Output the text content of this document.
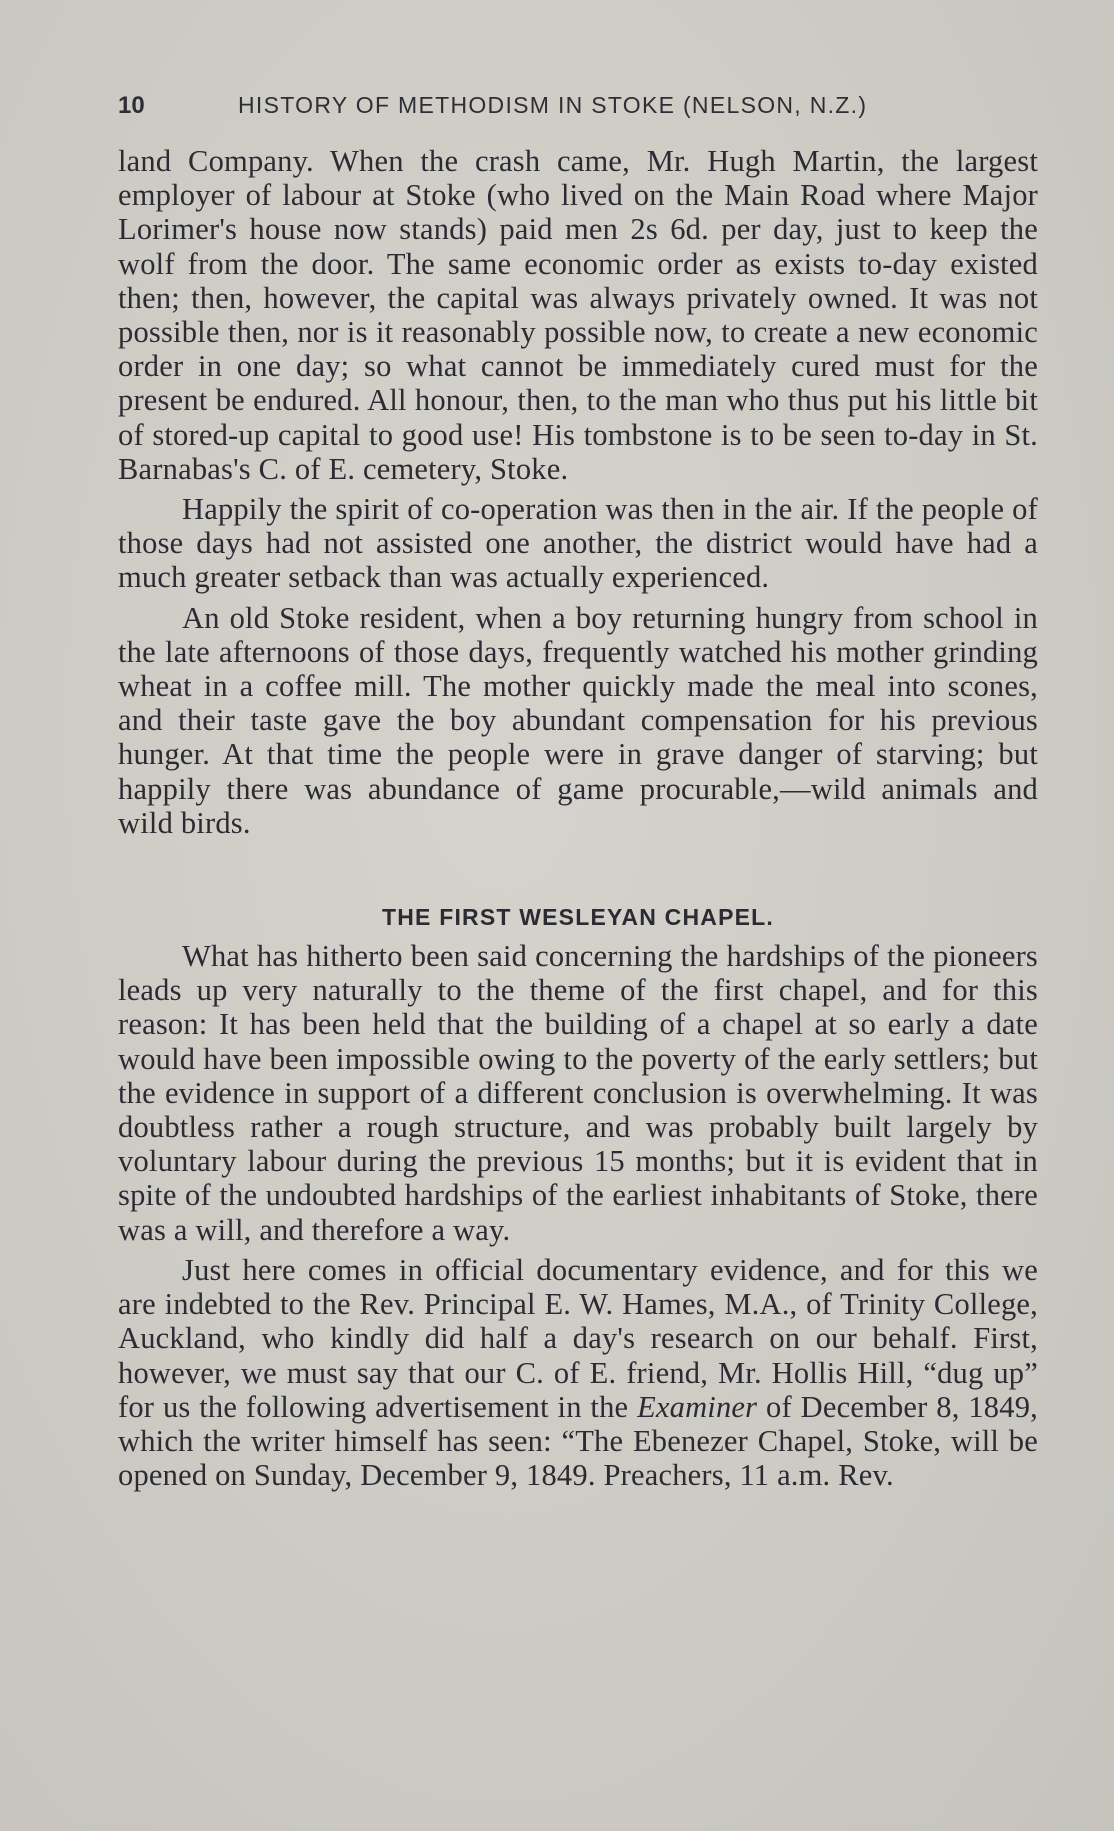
10	HISTORY OF METHODISM IN STOKE (NELSON, N.Z.)

land Company. When the crash came, Mr. Hugh Martin, the largest employer of labour at Stoke (who lived on the Main Road where Major Lorimer's house now stands) paid men 2s 6d. per day, just to keep the wolf from the door. The same economic order as exists to-day existed then; then, however, the capital was always privately owned. It was not possible then, nor is it reasonably possible now, to create a new economic order in one day; so what cannot be immediately cured must for the present be endured. All honour, then, to the man who thus put his little bit of stored-up capital to good use! His tombstone is to be seen to-day in St. Barnabas's C. of E. cemetery, Stoke.

Happily the spirit of co-operation was then in the air. If the people of those days had not assisted one another, the district would have had a much greater setback than was actually experienced.

An old Stoke resident, when a boy returning hungry from school in the late afternoons of those days, frequently watched his mother grinding wheat in a coffee mill. The mother quickly made the meal into scones, and their taste gave the boy abundant compensation for his previous hunger. At that time the people were in grave danger of starving; but happily there was abundance of game procurable,—wild animals and wild birds.

THE FIRST WESLEYAN CHAPEL.

What has hitherto been said concerning the hardships of the pioneers leads up very naturally to the theme of the first chapel, and for this reason: It has been held that the building of a chapel at so early a date would have been impossible owing to the poverty of the early settlers; but the evidence in support of a different conclusion is overwhelming. It was doubtless rather a rough structure, and was probably built largely by voluntary labour during the previous 15 months; but it is evident that in spite of the undoubted hardships of the earliest inhabitants of Stoke, there was a will, and therefore a way.

Just here comes in official documentary evidence, and for this we are indebted to the Rev. Principal E. W. Hames, M.A., of Trinity College, Auckland, who kindly did half a day's research on our behalf. First, however, we must say that our C. of E. friend, Mr. Hollis Hill, “dug up” for us the following advertisement in the Examiner of December 8, 1849, which the writer himself has seen: “The Ebenezer Chapel, Stoke, will be opened on Sunday, December 9, 1849. Preachers, 11 a.m. Rev.
